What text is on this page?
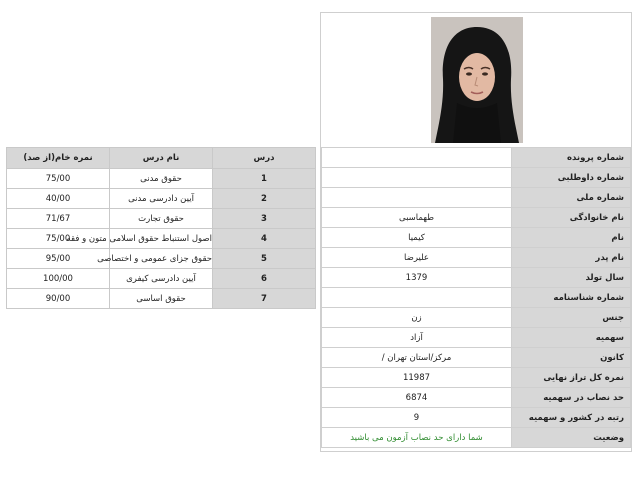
درس	نام درس	نمره خام(از صد)
1	حقوق مدنی	75/00
2	آیین دادرسی مدنی	40/00
3	حقوق تجارت	71/67
4	اصول استنباط حقوق اسلامی متون و فقه	75/00
5	حقوق جزای عمومی و اختصاصی	95/00
6	آیین دادرسی کیفری	100/00
7	حقوق اساسی	90/00
	شماره پرونده
	شماره داوطلبی
	شماره ملی
طهماسبی	نام خانوادگی
کیمیا	نام
علیرضا	نام پدر
1379	سال تولد
	شماره شناسنامه
زن	جنس
آزاد	سهمیه
/ مرکز/استان تهران	کانون
11987	نمره کل تراز نهایی
6874	حد نصاب در سهمیه
9	رتبه در کشور و سهمیه
شما دارای حد نصاب آزمون می باشید	وضعیت
